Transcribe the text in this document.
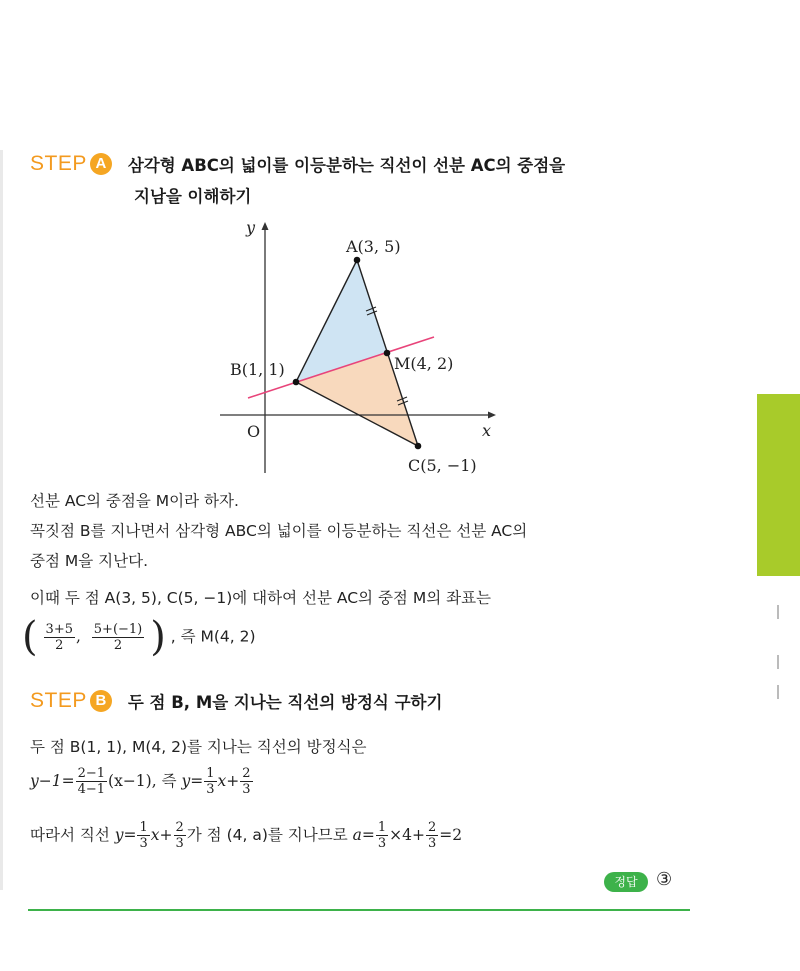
STEP A	삼각형 ABC의 넓이를 이등분하는 직선이 선분 AC의 중점을
지남을 이해하기
y
x
O
A(3, 5)
B(1, 1)	M(4, 2)
C(5, −1)
선분 AC의 중점을 M이라 하자.
꼭짓점 B를 지나면서 삼각형 ABC의 넓이를 이등분하는 직선은 선분 AC의
중점 M을 지난다.
이때 두 점 A(3, 5), C(5, −1)에 대하여 선분 AC의 중점 M의 좌표는
( $\frac{3+5}{2}$ , $\frac{5+(-1)}{2}$ ) , 즉 M(4, 2)
STEP B	두 점 B, M을 지나는 직선의 방정식 구하기
두 점 B(1, 1), M(4, 2)를 지나는 직선의 방정식은
$y-1= \frac{2-1}{4-1} (x-1)$, 즉 $y= \frac{1}{3} x+ \frac{2}{3}$
따라서 직선 $y= \frac{1}{3} x+ \frac{2}{3}$ 가 점 (4, a)를 지나므로 $a= \frac{1}{3} \times 4+ \frac{2}{3} =2$
정답	③
70
